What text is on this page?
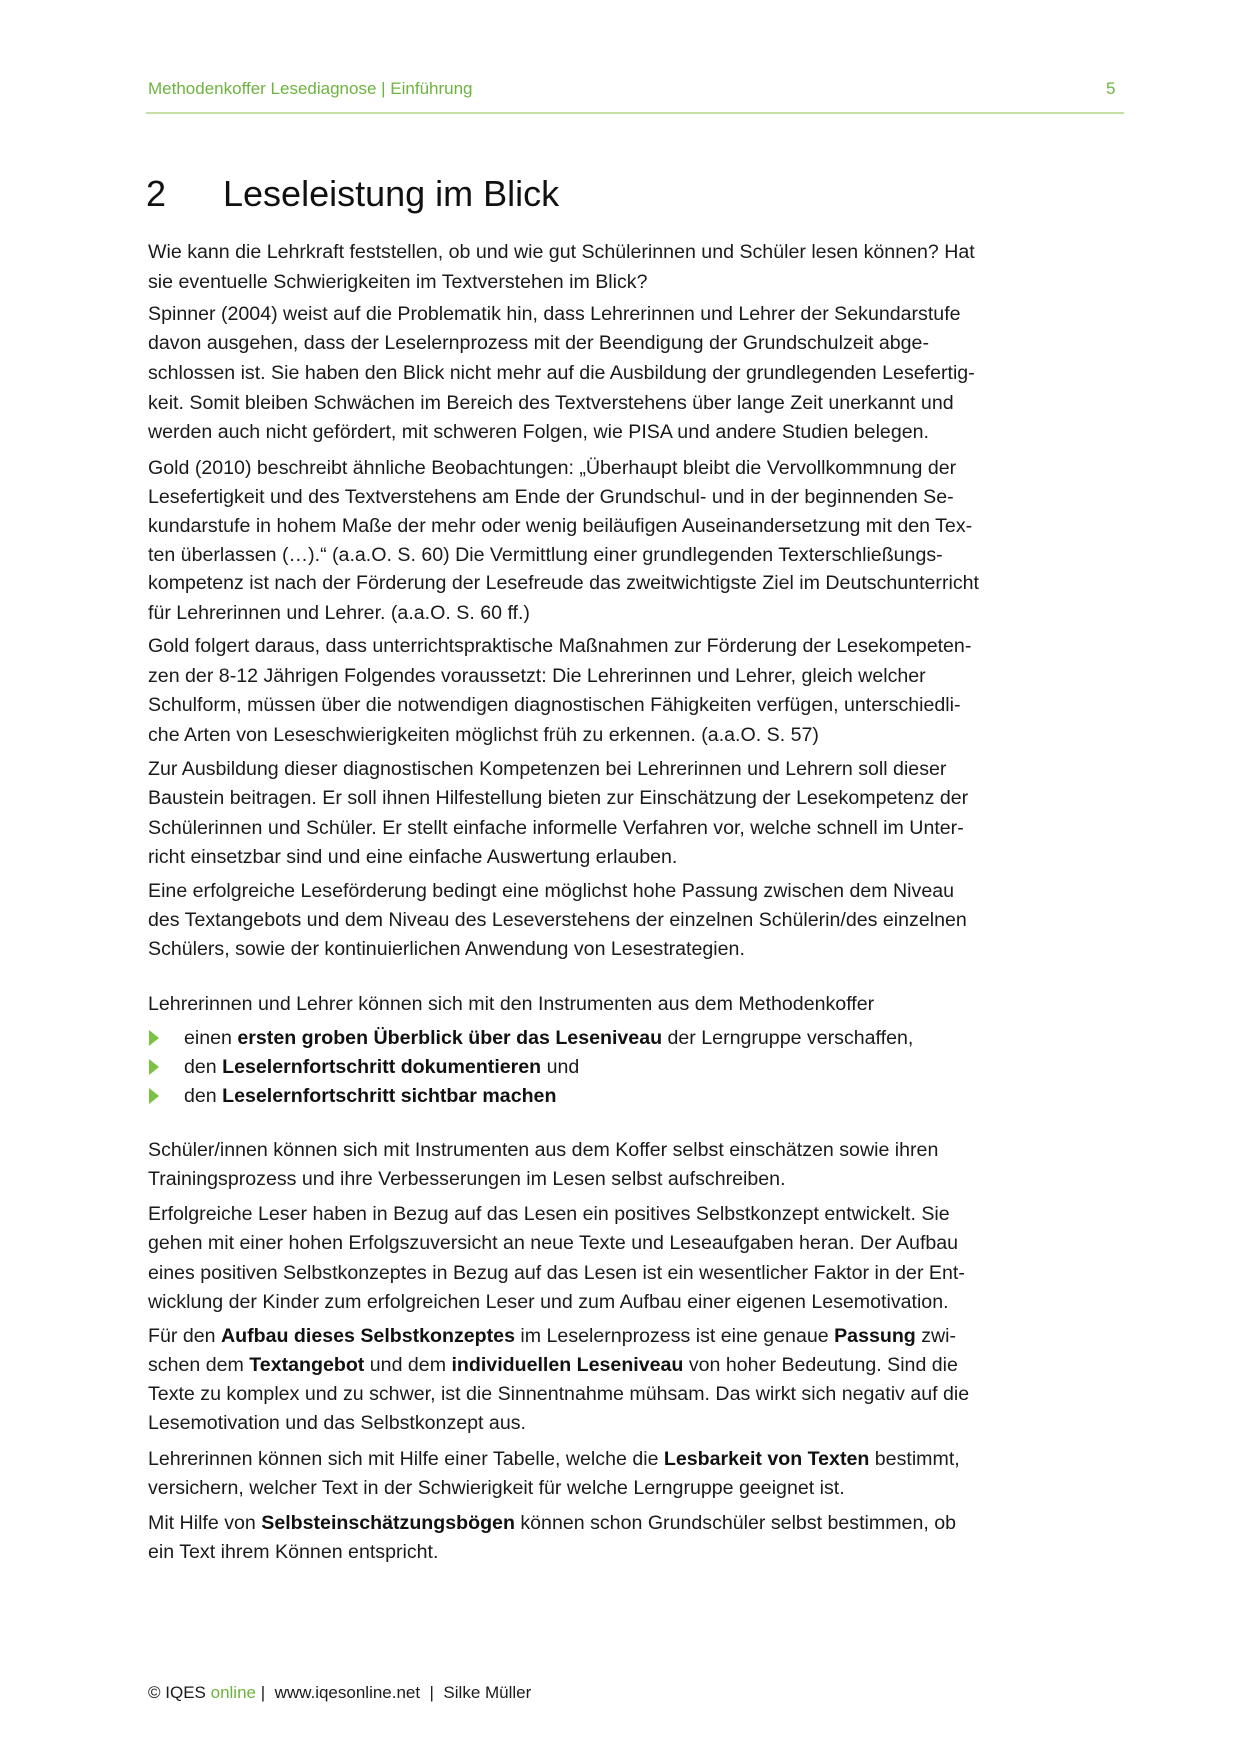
Methodenkoffer Lesediagnose | Einführung	5
2 Leseleistung im Blick
Wie kann die Lehrkraft feststellen, ob und wie gut Schülerinnen und Schüler lesen können? Hat
sie eventuelle Schwierigkeiten im Textverstehen im Blick?
Spinner (2004) weist auf die Problematik hin, dass Lehrerinnen und Lehrer der Sekundarstufe
davon ausgehen, dass der Leselernprozess mit der Beendigung der Grundschulzeit abge-
schlossen ist. Sie haben den Blick nicht mehr auf die Ausbildung der grundlegenden Lesefertig-
keit. Somit bleiben Schwächen im Bereich des Textverstehens über lange Zeit unerkannt und
werden auch nicht gefördert, mit schweren Folgen, wie PISA und andere Studien belegen.
Gold (2010) beschreibt ähnliche Beobachtungen: „Überhaupt bleibt die Vervollkommnung der
Lesefertigkeit und des Textverstehens am Ende der Grundschul- und in der beginnenden Se-
kundarstufe in hohem Maße der mehr oder wenig beiläufigen Auseinandersetzung mit den Tex-
ten überlassen (…).“ (a.a.O. S. 60) Die Vermittlung einer grundlegenden Texterschließungs-
kompetenz ist nach der Förderung der Lesefreude das zweitwichtigste Ziel im Deutschunterricht
für Lehrerinnen und Lehrer. (a.a.O. S. 60 ff.)
Gold folgert daraus, dass unterrichtspraktische Maßnahmen zur Förderung der Lesekompeten-
zen der 8-12 Jährigen Folgendes voraussetzt: Die Lehrerinnen und Lehrer, gleich welcher
Schulform, müssen über die notwendigen diagnostischen Fähigkeiten verfügen, unterschiedli-
che Arten von Leseschwierigkeiten möglichst früh zu erkennen. (a.a.O. S. 57)
Zur Ausbildung dieser diagnostischen Kompetenzen bei Lehrerinnen und Lehrern soll dieser
Baustein beitragen. Er soll ihnen Hilfestellung bieten zur Einschätzung der Lesekompetenz der
Schülerinnen und Schüler. Er stellt einfache informelle Verfahren vor, welche schnell im Unter-
richt einsetzbar sind und eine einfache Auswertung erlauben.
Eine erfolgreiche Leseförderung bedingt eine möglichst hohe Passung zwischen dem Niveau
des Textangebots und dem Niveau des Leseverstehens der einzelnen Schülerin/des einzelnen
Schülers, sowie der kontinuierlichen Anwendung von Lesestrategien.
Lehrerinnen und Lehrer können sich mit den Instrumenten aus dem Methodenkoffer
einen ersten groben Überblick über das Leseniveau der Lerngruppe verschaffen,
den Leselernfortschritt dokumentieren und
den Leselernfortschritt sichtbar machen
Schüler/innen können sich mit Instrumenten aus dem Koffer selbst einschätzen sowie ihren
Trainingsprozess und ihre Verbesserungen im Lesen selbst aufschreiben.
Erfolgreiche Leser haben in Bezug auf das Lesen ein positives Selbstkonzept entwickelt. Sie
gehen mit einer hohen Erfolgszuversicht an neue Texte und Leseaufgaben heran. Der Aufbau
eines positiven Selbstkonzeptes in Bezug auf das Lesen ist ein wesentlicher Faktor in der Ent-
wicklung der Kinder zum erfolgreichen Leser und zum Aufbau einer eigenen Lesemotivation.
Für den Aufbau dieses Selbstkonzeptes im Leselernprozess ist eine genaue Passung zwi-
schen dem Textangebot und dem individuellen Leseniveau von hoher Bedeutung. Sind die
Texte zu komplex und zu schwer, ist die Sinnentnahme mühsam. Das wirkt sich negativ auf die
Lesemotivation und das Selbstkonzept aus.
Lehrerinnen können sich mit Hilfe einer Tabelle, welche die Lesbarkeit von Texten bestimmt,
versichern, welcher Text in der Schwierigkeit für welche Lerngruppe geeignet ist.
Mit Hilfe von Selbsteinschätzungsbögen können schon Grundschüler selbst bestimmen, ob
ein Text ihrem Können entspricht.
© IQES online |  www.iqesonline.net  |  Silke Müller
